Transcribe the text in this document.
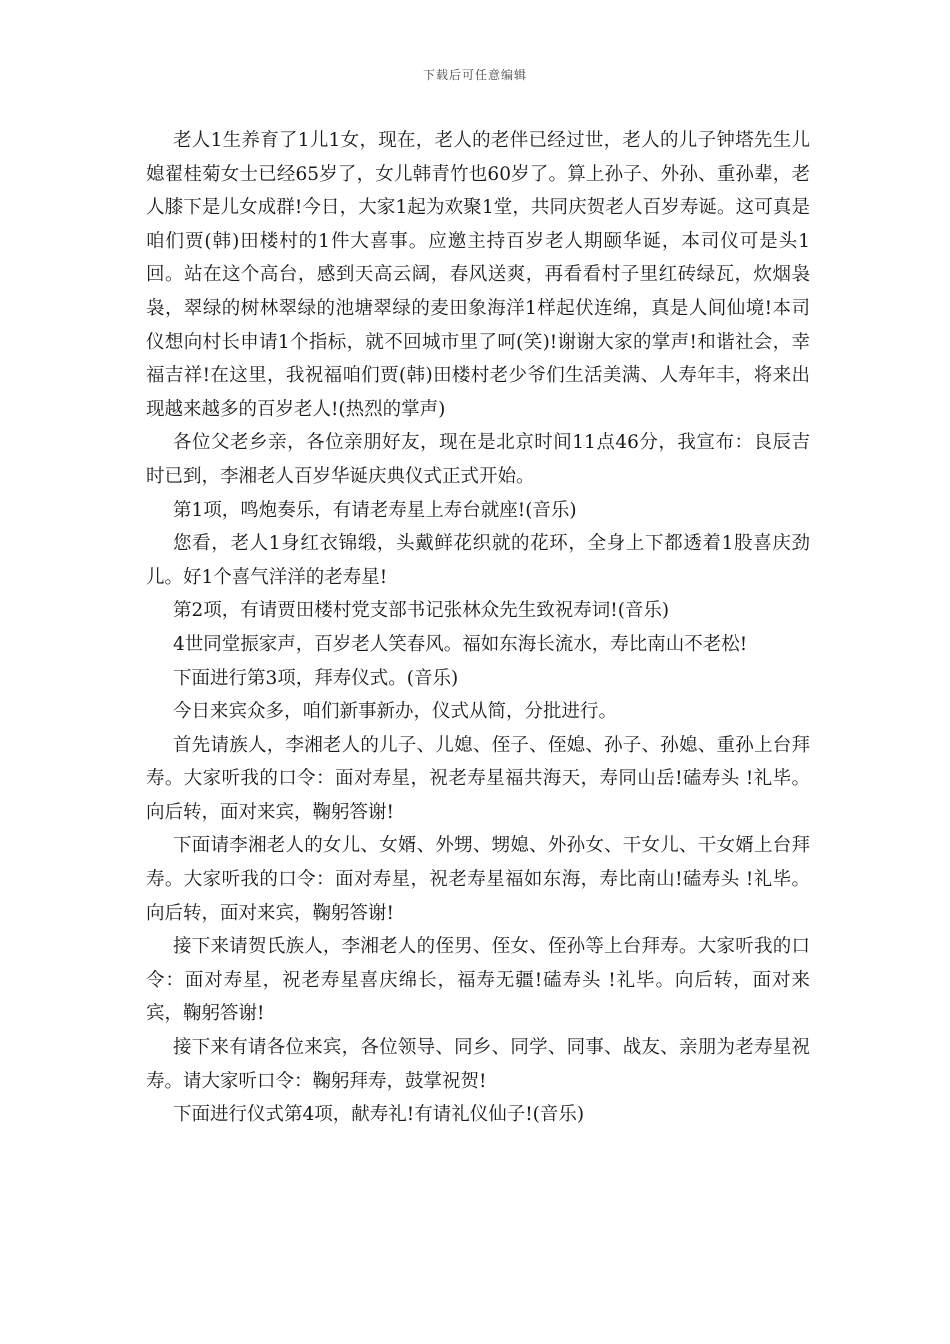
下载后可任意编辑

老人1生养育了1儿1女，现在，老人的老伴已经过世，老人的儿子钟塔先生儿媳翟桂菊女士已经65岁了，女儿韩青竹也60岁了。算上孙子、外孙、重孙辈，老人膝下是儿女成群!今日，大家1起为欢聚1堂，共同庆贺老人百岁寿诞。这可真是咱们贾(韩)田楼村的1件大喜事。应邀主持百岁老人期颐华诞，本司仪可是头1回。站在这个高台，感到天高云阔，春风送爽，再看看村子里红砖绿瓦，炊烟袅袅，翠绿的树林翠绿的池塘翠绿的麦田象海洋1样起伏连绵，真是人间仙境!本司仪想向村长申请1个指标，就不回城市里了呵(笑)!谢谢大家的掌声!和谐社会，幸福吉祥!在这里，我祝福咱们贾(韩)田楼村老少爷们生活美满、人寿年丰，将来出现越来越多的百岁老人!(热烈的掌声)

各位父老乡亲，各位亲朋好友，现在是北京时间11点46分，我宣布：良辰吉时已到，李湘老人百岁华诞庆典仪式正式开始。

第1项，鸣炮奏乐，有请老寿星上寿台就座!(音乐)

您看，老人1身红衣锦缎，头戴鲜花织就的花环，全身上下都透着1股喜庆劲儿。好1个喜气洋洋的老寿星!

第2项，有请贾田楼村党支部书记张林众先生致祝寿词!(音乐)

4世同堂振家声，百岁老人笑春风。福如东海长流水，寿比南山不老松!

下面进行第3项，拜寿仪式。(音乐)

今日来宾众多，咱们新事新办，仪式从简，分批进行。

首先请族人，李湘老人的儿子、儿媳、侄子、侄媳、孙子、孙媳、重孙上台拜寿。大家听我的口令：面对寿星，祝老寿星福共海天，寿同山岳!磕寿头 !礼毕。向后转，面对来宾，鞠躬答谢!

下面请李湘老人的女儿、女婿、外甥、甥媳、外孙女、干女儿、干女婿上台拜寿。大家听我的口令：面对寿星，祝老寿星福如东海，寿比南山!磕寿头 !礼毕。向后转，面对来宾，鞠躬答谢!

接下来请贺氏族人，李湘老人的侄男、侄女、侄孙等上台拜寿。大家听我的口令：面对寿星，祝老寿星喜庆绵长，福寿无疆!磕寿头 !礼毕。向后转，面对来宾，鞠躬答谢!

接下来有请各位来宾，各位领导、同乡、同学、同事、战友、亲朋为老寿星祝寿。请大家听口令：鞠躬拜寿，鼓掌祝贺!

下面进行仪式第4项，献寿礼!有请礼仪仙子!(音乐)
